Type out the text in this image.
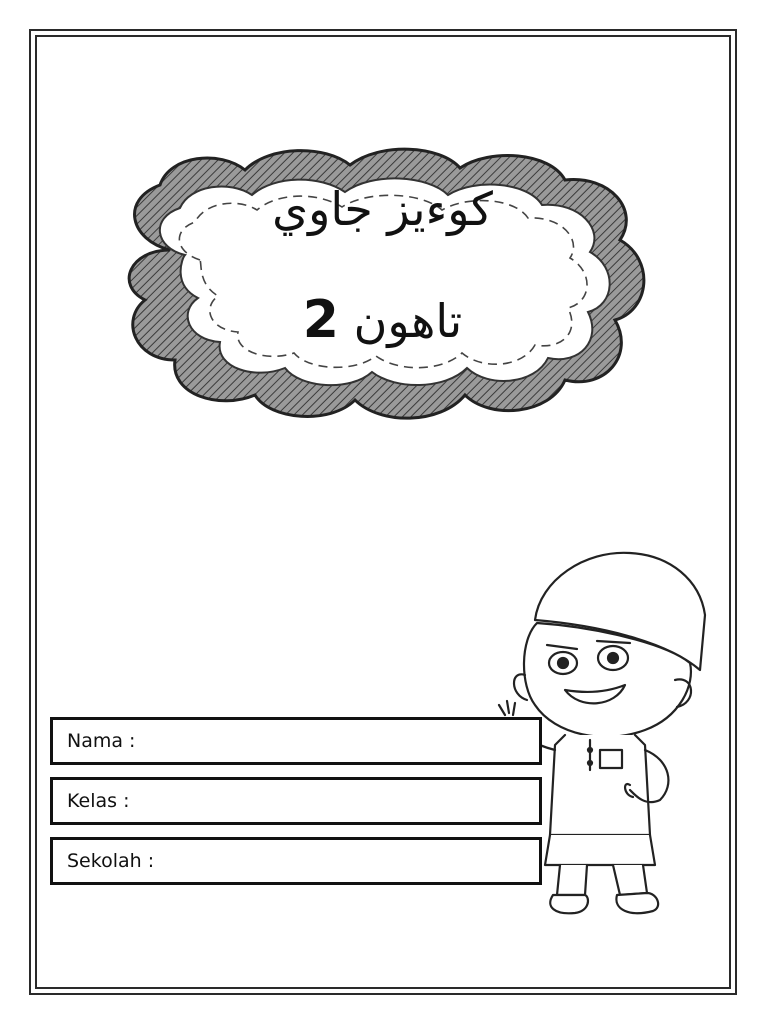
كوءيز جاوي
تاهون 2
Nama :
Kelas :
Sekolah :
